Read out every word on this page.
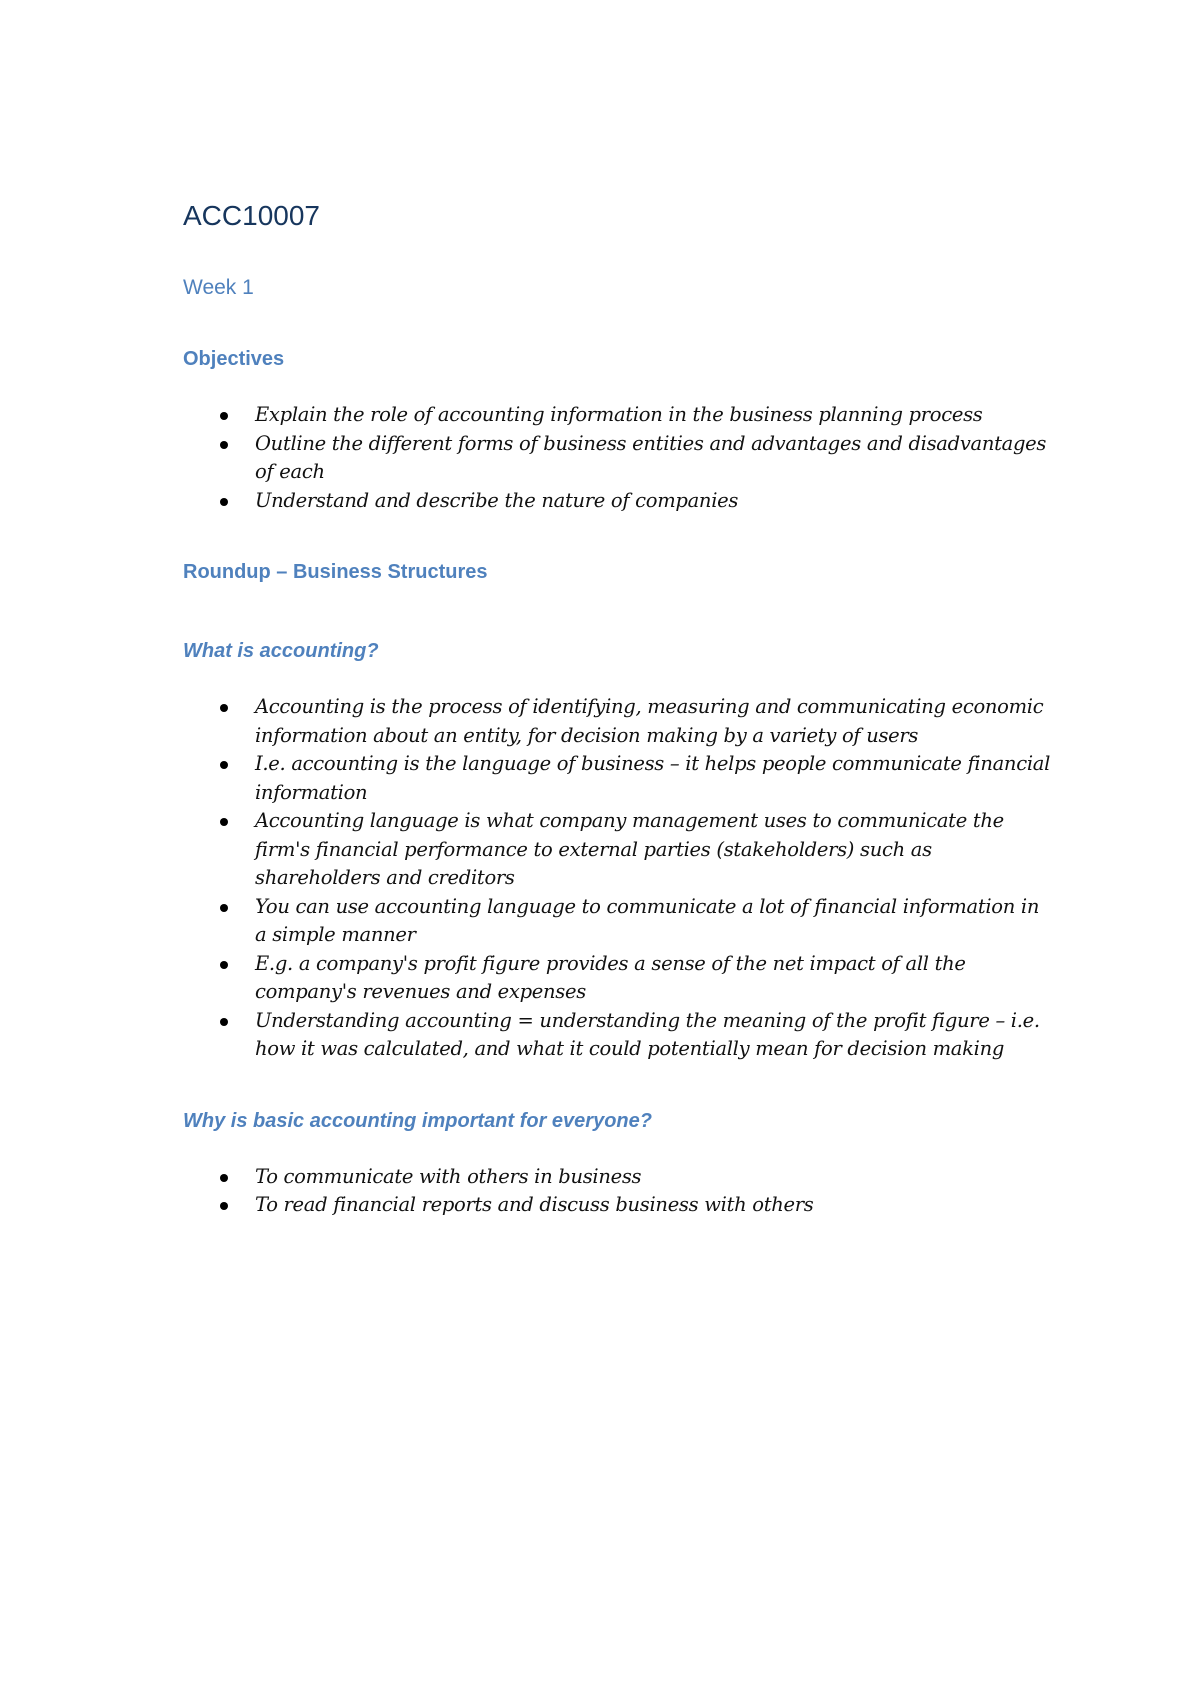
ACC10007
Week 1
Objectives
Explain the role of accounting information in the business planning process
Outline the different forms of business entities and advantages and disadvantages of each
Understand and describe the nature of companies
Roundup – Business Structures
What is accounting?
Accounting is the process of identifying, measuring and communicating economic information about an entity, for decision making by a variety of users
I.e. accounting is the language of business – it helps people communicate financial information
Accounting language is what company management uses to communicate the firm's financial performance to external parties (stakeholders) such as shareholders and creditors
You can use accounting language to communicate a lot of financial information in a simple manner
E.g. a company's profit figure provides a sense of the net impact of all the company's revenues and expenses
Understanding accounting = understanding the meaning of the profit figure – i.e. how it was calculated, and what it could potentially mean for decision making
Why is basic accounting important for everyone?
To communicate with others in business
To read financial reports and discuss business with others
